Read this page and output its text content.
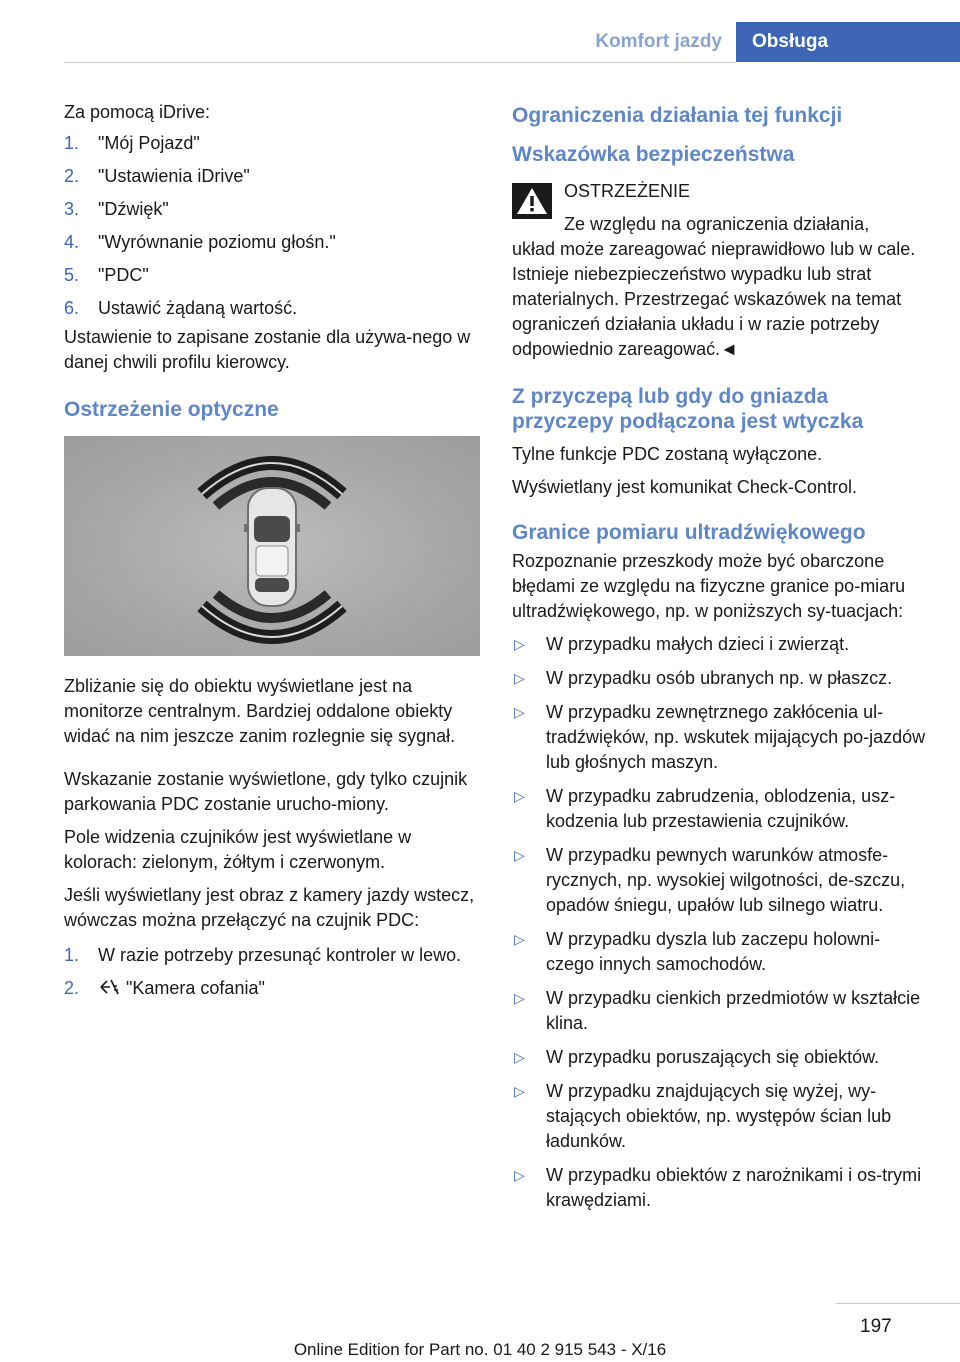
Komfort jazdy	Obsługa

Za pomocą iDrive:

1. "Mój Pojazd"
2. "Ustawienia iDrive"
3. "Dźwięk"
4. "Wyrównanie poziomu głośn."
5. "PDC"
6. Ustawić żądaną wartość.

Ustawienie to zapisane zostanie dla używa‐nego w danej chwili profilu kierowcy.

Ostrzeżenie optyczne

Zbliżanie się do obiektu wyświetlane jest na monitorze centralnym. Bardziej oddalone obiekty widać na nim jeszcze zanim rozlegnie się sygnał.

Wskazanie zostanie wyświetlone, gdy tylko czujnik parkowania PDC zostanie urucho‐miony.

Pole widzenia czujników jest wyświetlane w kolorach: zielonym, żółtym i czerwonym.

Jeśli wyświetlany jest obraz z kamery jazdy wstecz, wówczas można przełączyć na czujnik PDC:

1. W razie potrzeby przesunąć kontroler w lewo.
2.	"Kamera cofania"
Ograniczenia działania tej funkcji
Wskazówka bezpieczeństwa

OSTRZEŻENIE

Ze względu na ograniczenia działania,

układ może zareagować nieprawidłowo lub w cale. Istnieje niebezpieczeństwo wypadku lub strat materialnych. Przestrzegać wskazówek na temat ograniczeń działania układu i w razie potrzeby odpowiednio zareagować.◄

Z przyczepą lub gdy do gniazda przyczepy podłączona jest wtyczka

Tylne funkcje PDC zostaną wyłączone.

Wyświetlany jest komunikat Check-Control.

Granice pomiaru ultradźwiękowego

Rozpoznanie przeszkody może być obarczone błędami ze względu na fizyczne granice po‐miaru ultradźwiękowego, np. w poniższych sy‐tuacjach:

▷ W przypadku małych dzieci i zwierząt.
▷ W przypadku osób ubranych np. w płaszcz.
▷ W przypadku zewnętrznego zakłócenia ul‐tradźwięków, np. wskutek mijających po‐jazdów lub głośnych maszyn.
▷ W przypadku zabrudzenia, oblodzenia, usz‐kodzenia lub przestawienia czujników.
▷ W przypadku pewnych warunków atmosfe‐rycznych, np. wysokiej wilgotności, de‐szczu, opadów śniegu, upałów lub silnego wiatru.
▷ W przypadku dyszla lub zaczepu holowni‐czego innych samochodów.
▷ W przypadku cienkich przedmiotów w kształcie klina.
▷ W przypadku poruszających się obiektów.
▷ W przypadku znajdujących się wyżej, wy‐stających obiektów, np. występów ścian lub ładunków.
▷ W przypadku obiektów z narożnikami i os‐trymi krawędziami.
197
Online Edition for Part no. 01 40 2 915 543 - X/16
